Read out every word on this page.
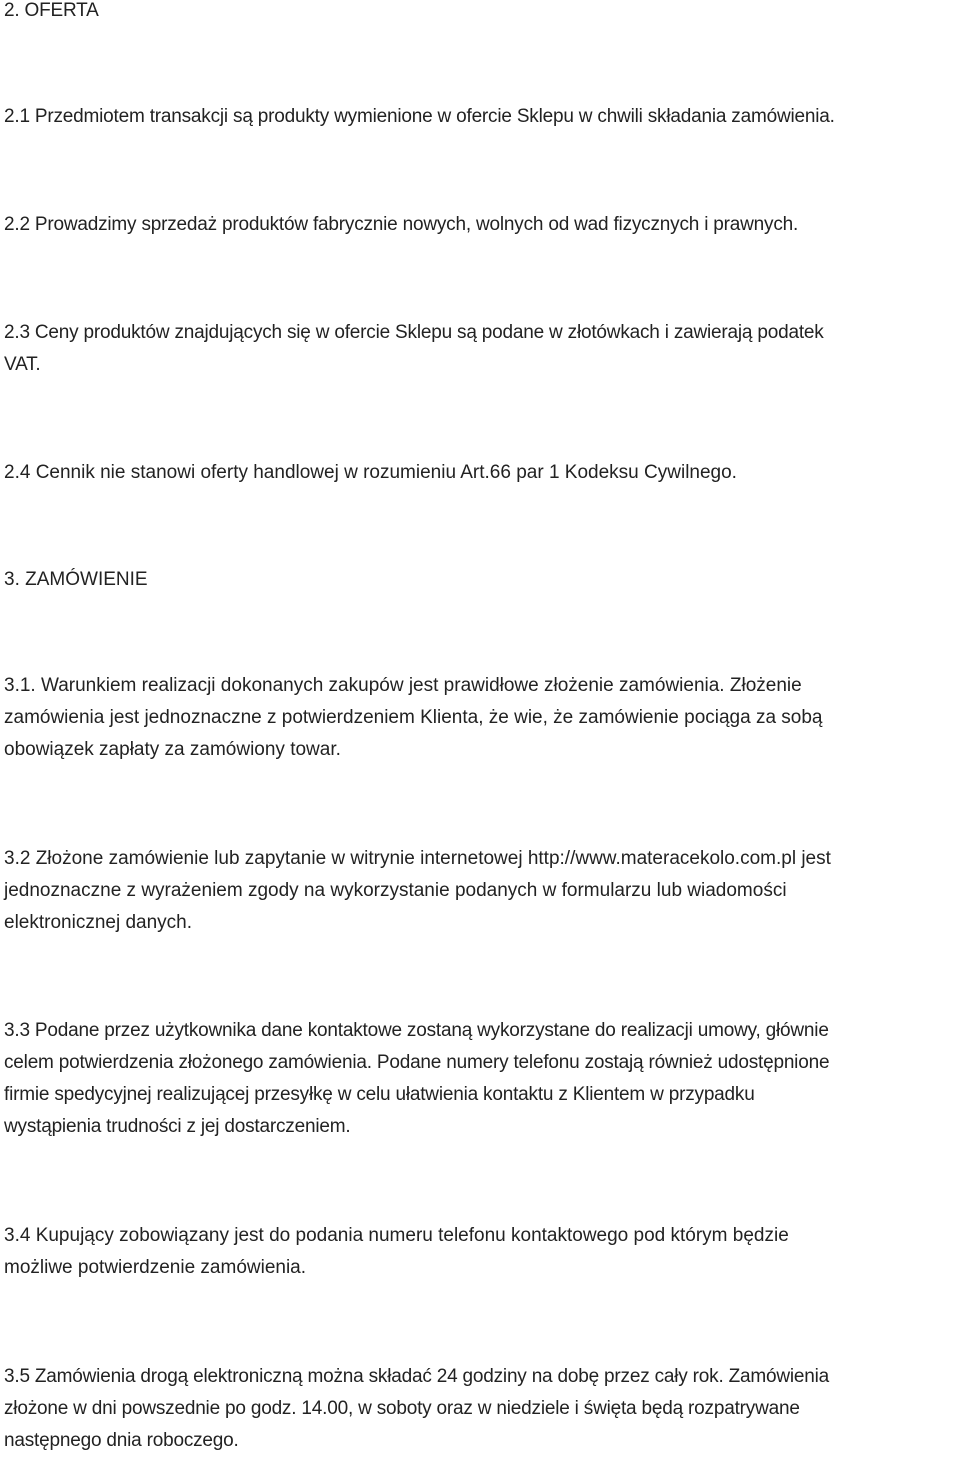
2. OFERTA
2.1 Przedmiotem transakcji są produkty wymienione w ofercie Sklepu w chwili składania zamówienia.
2.2 Prowadzimy sprzedaż produktów fabrycznie nowych, wolnych od wad fizycznych i prawnych.
2.3 Ceny produktów znajdujących się w ofercie Sklepu są podane w złotówkach i zawierają podatek
VAT.
2.4 Cennik nie stanowi oferty handlowej w rozumieniu Art.66 par 1 Kodeksu Cywilnego.
3. ZAMÓWIENIE
3.1. Warunkiem realizacji dokonanych zakupów jest prawidłowe złożenie zamówienia. Złożenie
zamówienia jest jednoznaczne z potwierdzeniem Klienta, że wie, że zamówienie pociąga za sobą
obowiązek zapłaty za zamówiony towar.
3.2 Złożone zamówienie lub zapytanie w witrynie internetowej http://www.materacekolo.com.pl jest
jednoznaczne z wyrażeniem zgody na wykorzystanie podanych w formularzu lub wiadomości
elektronicznej danych.
3.3 Podane przez użytkownika dane kontaktowe zostaną wykorzystane do realizacji umowy, głównie
celem potwierdzenia złożonego zamówienia. Podane numery telefonu zostają również udostępnione
firmie spedycyjnej realizującej przesyłkę w celu ułatwienia kontaktu z Klientem w przypadku
wystąpienia trudności z jej dostarczeniem.
3.4 Kupujący zobowiązany jest do podania numeru telefonu kontaktowego pod którym będzie
możliwe potwierdzenie zamówienia.
3.5 Zamówienia drogą elektroniczną można składać 24 godziny na dobę przez cały rok. Zamówienia
złożone w dni powszednie po godz. 14.00, w soboty oraz w niedziele i święta będą rozpatrywane
następnego dnia roboczego.
